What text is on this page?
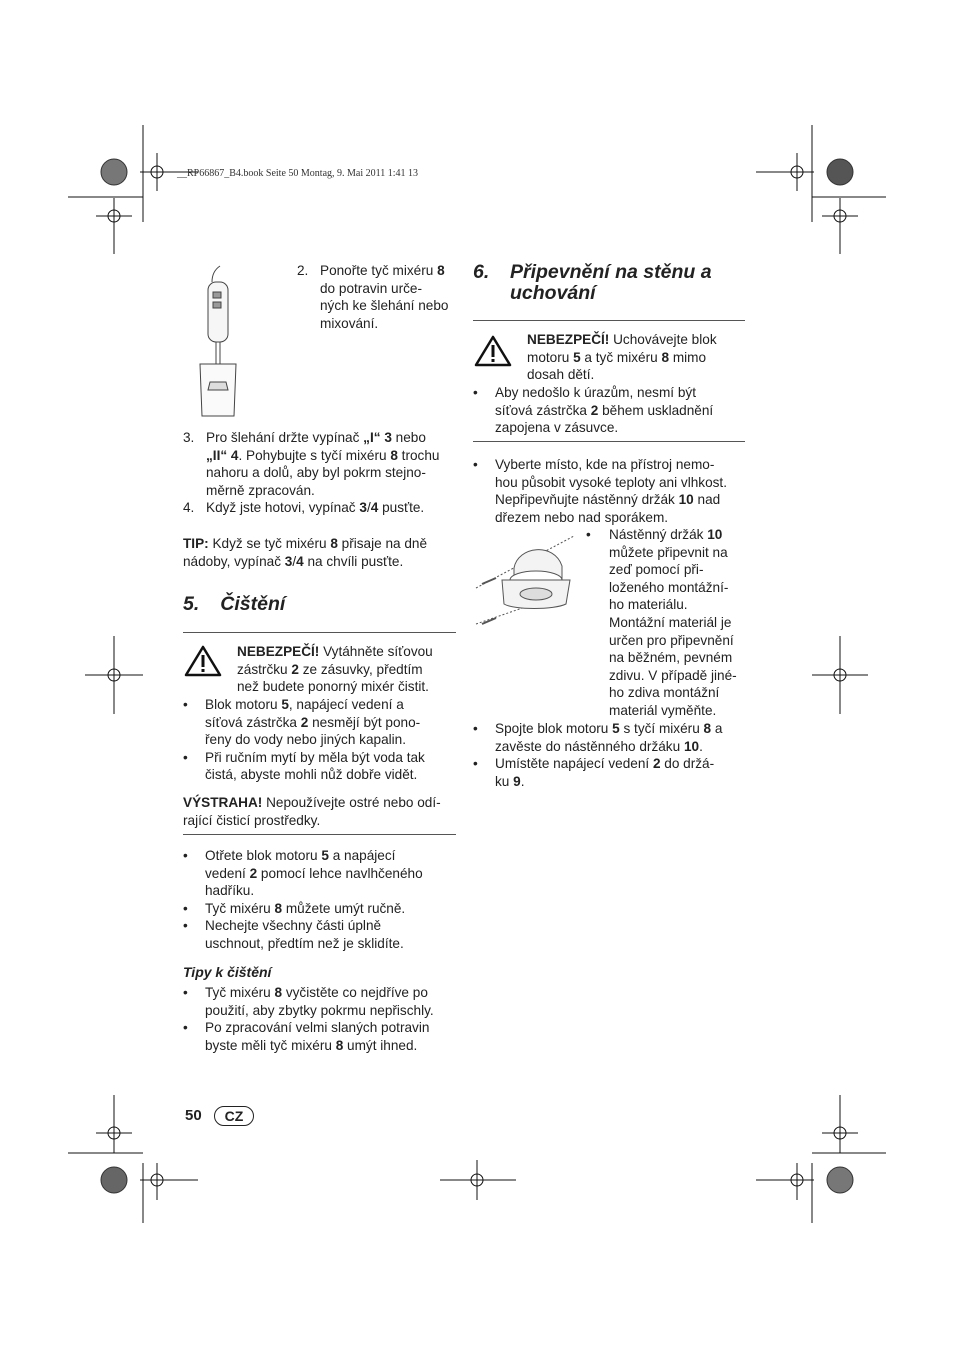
__RP66867_B4.book Seite 50 Montag, 9. Mai 2011 1:41 13
2. Ponořte tyč mixéru 8
do potravin urče-
ných ke šlehání nebo
mixování.
3. Pro šlehání držte vypínač „I“ 3 nebo
„II“ 4. Pohybujte s tyčí mixéru 8 trochu
nahoru a dolů, aby byl pokrm stejno-
měrně zpracován.
4. Když jste hotovi, vypínač 3/4 pusťte.
TIP: Když se tyč mixéru 8 přisaje na dně
nádoby, vypínač 3/4 na chvíli pusťte.
5. Čištění
NEBEZPEČÍ! Vytáhněte síťovou
zástrčku 2 ze zásuvky, předtím
než budete ponorný mixér čistit.
• Blok motoru 5, napájecí vedení a
síťová zástrčka 2 nesmějí být pono-
řeny do vody nebo jiných kapalin.
• Při ručním mytí by měla být voda tak
čistá, abyste mohli nůž dobře vidět.
VÝSTRAHA! Nepoužívejte ostré nebo odí-
rající čisticí prostředky.
• Otřete blok motoru 5 a napájecí
vedení 2 pomocí lehce navlhčeného
hadříku.
• Tyč mixéru 8 můžete umýt ručně.
• Nechejte všechny části úplně
uschnout, předtím než je sklidíte.
Tipy k čištění
• Tyč mixéru 8 vyčistěte co nejdříve po
použití, aby zbytky pokrmu nepřischly.
• Po zpracování velmi slaných potravin
byste měli tyč mixéru 8 umýt ihned.
6. Připevnění na stěnu a
uchování
NEBEZPEČÍ! Uchovávejte blok
motoru 5 a tyč mixéru 8 mimo
dosah dětí.
• Aby nedošlo k úrazům, nesmí být
síťová zástrčka 2 během uskladnění
zapojena v zásuvce.
• Vyberte místo, kde na přístroj nemo-
hou působit vysoké teploty ani vlhkost.
Nepřipevňujte nástěnný držák 10 nad
dřezem nebo nad sporákem.
• Nástěnný držák 10
můžete připevnit na
zeď pomocí při-
loženého montážní-
ho materiálu.
Montážní materiál je
určen pro připevnění
na běžném, pevném
zdivu. V případě jiné-
ho zdiva montážní
materiál vyměňte.
• Spojte blok motoru 5 s tyčí mixéru 8 a
zavěste do nástěnného držáku 10.
• Umístěte napájecí vedení 2 do držá-
ku 9.
50	CZ
